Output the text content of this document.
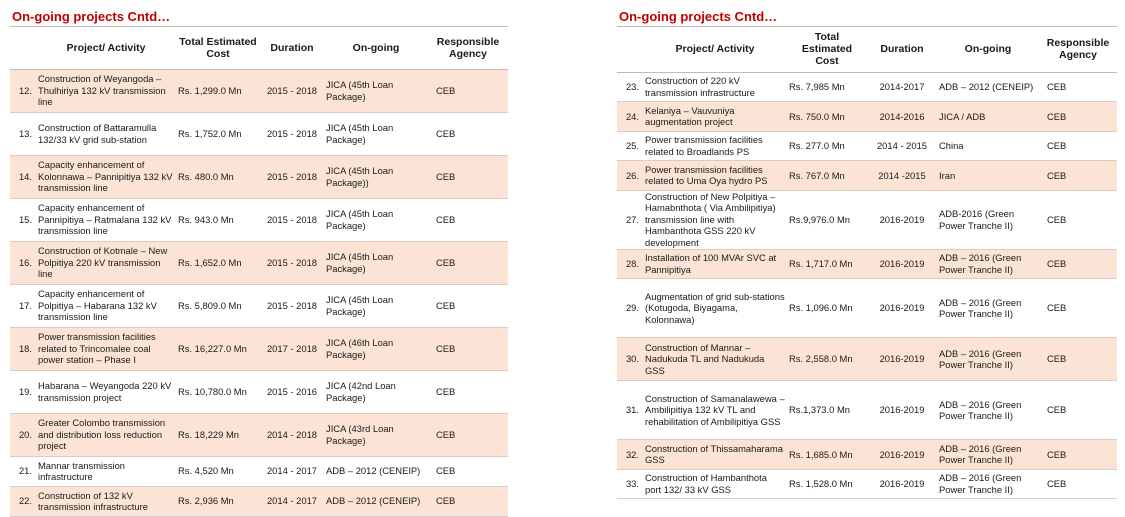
On-going projects Cntd…
	Project/ Activity	Total Estimated Cost	Duration	On-going	Responsible Agency
12.	Construction of Weyangoda – Thulhiriya 132 kV transmission line	Rs. 1,299.0 Mn	2015 - 2018	JICA (45th Loan Package)	CEB
13.	Construction of Battaramulla 132/33 kV grid sub-station	Rs. 1,752.0 Mn	2015 - 2018	JICA (45th Loan Package)	CEB
14.	Capacity enhancement of Kolonnawa – Pannipitiya 132 kV transmission line	Rs. 480.0 Mn	2015 - 2018	JICA (45th Loan Package))	CEB
15.	Capacity enhancement of Pannipitiya – Ratmalana 132 kV transmission line	Rs. 943.0 Mn	2015 - 2018	JICA (45th Loan Package)	CEB
16.	Construction of Kotmale – New Polpitiya 220 kV transmission line	Rs. 1,652.0 Mn	2015 - 2018	JICA (45th Loan Package)	CEB
17.	Capacity enhancement of Polpitiya – Habarana 132 kV transmission line	Rs. 5,809.0 Mn	2015 - 2018	JICA (45th Loan Package)	CEB
18.	Power transmission facilities related to Trincomalee coal power station – Phase I	Rs. 16,227.0 Mn	2017 - 2018	JICA (46th Loan Package)	CEB
19.	Habarana – Weyangoda 220 kV transmission project	Rs. 10,780.0 Mn	2015 - 2016	JICA (42nd Loan Package)	CEB
20.	Greater Colombo transmission and distribution loss reduction project	Rs. 18,229 Mn	2014 - 2018	JICA (43rd Loan Package)	CEB
21.	Mannar transmission infrastructure	Rs. 4,520 Mn	2014 - 2017	ADB – 2012 (CENEIP)	CEB
22.	Construction of 132 kV transmission infrastructure	Rs. 2,936 Mn	2014 - 2017	ADB – 2012 (CENEIP)	CEB
On-going projects Cntd…
	Project/ Activity	Total Estimated Cost	Duration	On-going	Responsible Agency
23.	Construction of 220 kV transmission infrastructure	Rs. 7,985 Mn	2014-2017	ADB – 2012 (CENEIP)	CEB
24.	Kelaniya – Vauvuniya augmentation project	Rs. 750.0 Mn	2014-2016	JICA / ADB	CEB
25.	Power transmission facilities related to Broadlands PS	Rs. 277.0 Mn	2014 - 2015	China	CEB
26.	Power transmission facilities related to Uma Oya hydro PS	Rs. 767.0 Mn	2014 -2015	Iran	CEB
27.	Construction of New Polpitiya – Hamabnthota ( Via Ambilipitiya) transmission line with Hambanthota GSS 220 kV development	Rs.9,976.0 Mn	2016-2019	ADB-2016 (Green Power Tranche II)	CEB
28.	Installation of 100 MVAr SVC at Pannipitiya	Rs. 1,717.0 Mn	2016-2019	ADB – 2016 (Green Power Tranche II)	CEB
29.	Augmentation of grid sub-stations (Kotugoda, Biyagama, Kolonnawa)	Rs. 1,096.0 Mn	2016-2019	ADB – 2016 (Green Power Tranche II)	CEB
30.	Construction of Mannar – Nadukuda TL and Nadukuda GSS	Rs. 2,558.0 Mn	2016-2019	ADB – 2016 (Green Power Tranche II)	CEB
31.	Construction of Samanalawewa – Ambilipitiya 132 kV TL and rehabilitation of Ambilipitiya GSS	Rs.1,373.0 Mn	2016-2019	ADB – 2016 (Green Power Tranche II)	CEB
32.	Construction of Thissamaharama GSS	Rs. 1,685.0 Mn	2016-2019	ADB – 2016 (Green Power Tranche II)	CEB
33.	Construction of Hambanthota port 132/ 33 kV GSS	Rs. 1,528.0 Mn	2016-2019	ADB – 2016 (Green Power Tranche II)	CEB
